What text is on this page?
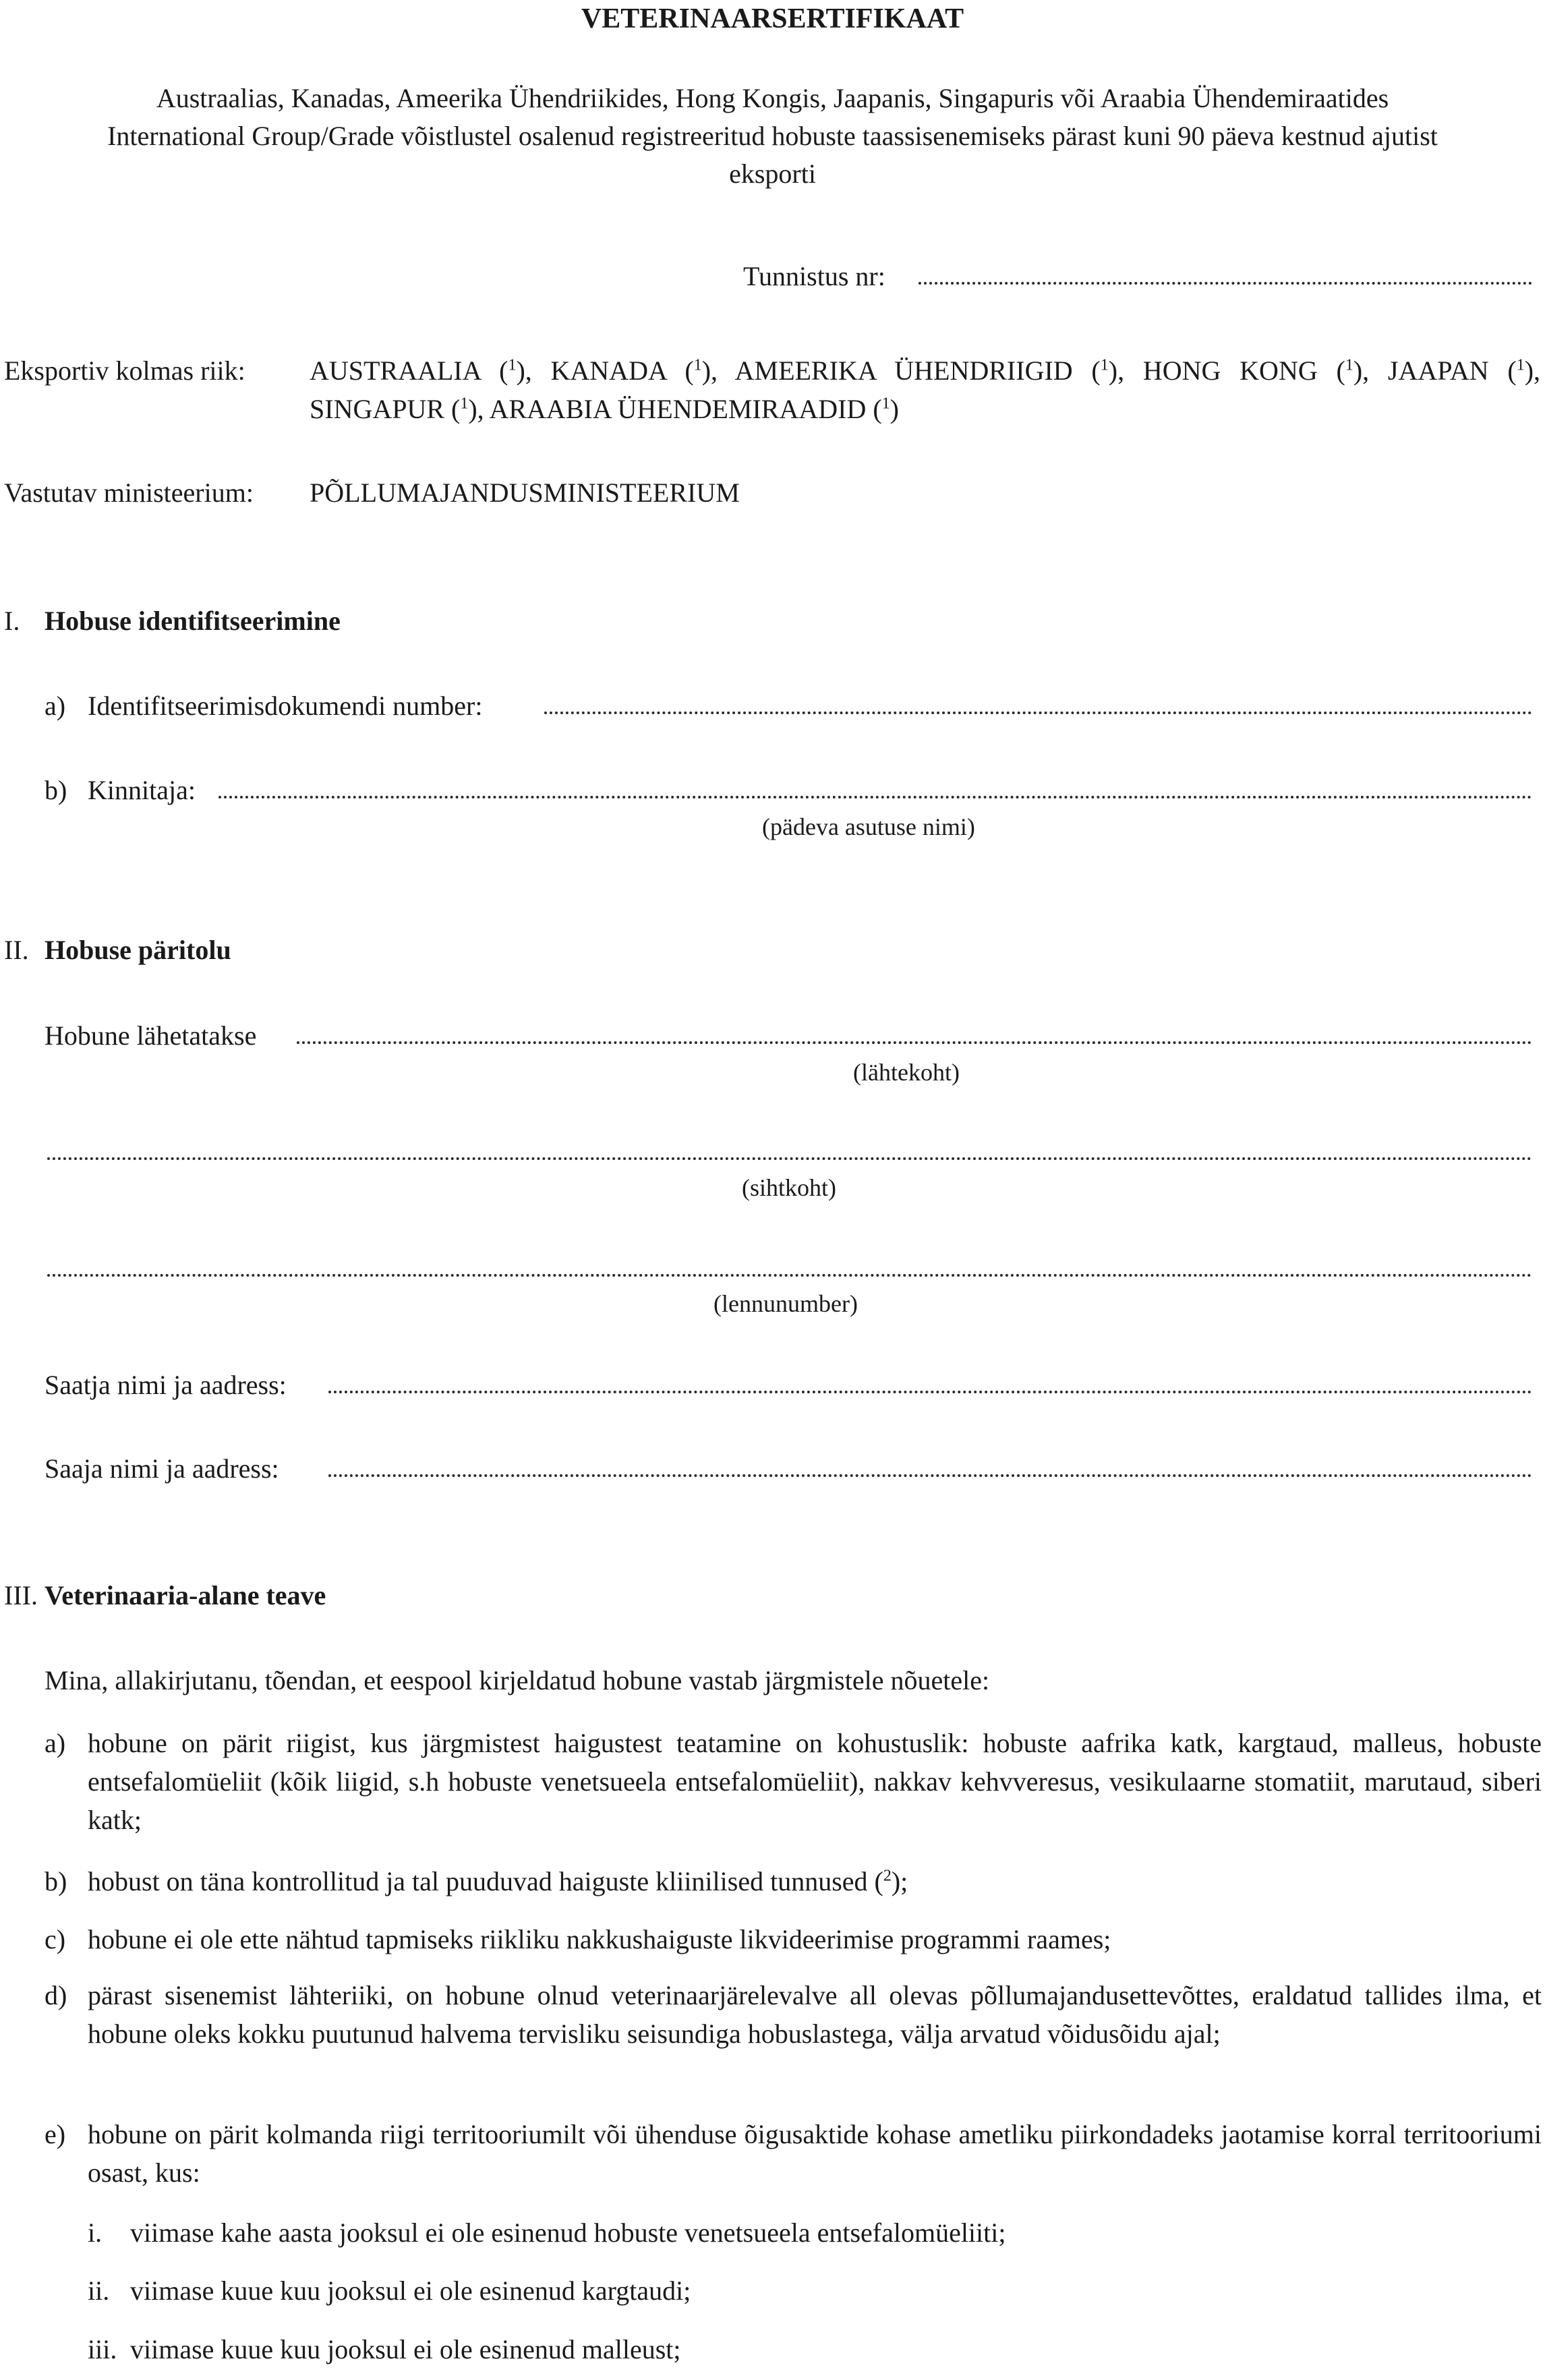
VETERINAARSERTIFIKAAT
Austraalias, Kanadas, Ameerika Ühendriikides, Hong Kongis, Jaapanis, Singapuris või Araabia Ühendemiraatides
International Group/Grade võistlustel osalenud registreeritud hobuste taassisenemiseks pärast kuni 90 päeva kestnud ajutist
eksporti
Tunnistus nr:
Eksportiv kolmas riik: AUSTRAALIA ($^1$), KANADA ($^1$), AMEERIKA ÜHENDRIIGID ($^1$), HONG KONG ($^1$), JAAPAN ($^1$),
SINGAPUR ($^1$), ARAABIA ÜHENDEMIRAADID ($^1$)
Vastutav ministeerium: PÕLLUMAJANDUSMINISTEERIUM
I. Hobuse identifitseerimine
a) Identifitseerimisdokumendi number:
b) Kinnitaja:
(pädeva asutuse nimi)
II. Hobuse päritolu
Hobune lähetatakse
(lähtekoht)
(sihtkoht)
(lennunumber)
Saatja nimi ja aadress:
Saaja nimi ja aadress:
III. Veterinaaria-alane teave
Mina, allakirjutanu, tõendan, et eespool kirjeldatud hobune vastab järgmistele nõuetele:
a) hobune on pärit riigist, kus järgmistest haigustest teatamine on kohustuslik: hobuste aafrika katk, kargtaud, malleus, hobuste entsefalomüeliit (kõik liigid, s.h hobuste venetsueela entsefalomüeliit), nakkav kehvveresus, vesikulaarne stomatiit, marutaud, siberi katk;
b) hobust on täna kontrollitud ja tal puuduvad haiguste kliinilised tunnused ($^2$);
c) hobune ei ole ette nähtud tapmiseks riikliku nakkushaiguste likvideerimise programmi raames;
d) pärast sisenemist lähteriiki, on hobune olnud veterinaarjärelevalve all olevas põllumajandusettevõttes, eraldatud tallides ilma, et hobune oleks kokku puutunud halvema tervisliku seisundiga hobuslastega, välja arvatud võidusõidu ajal;
e) hobune on pärit kolmanda riigi territooriumilt või ühenduse õigusaktide kohase ametliku piirkondadeks jaotamise korral territooriumi osast, kus:
i. viimase kahe aasta jooksul ei ole esinenud hobuste venetsueela entsefalomüeliiti;
ii. viimase kuue kuu jooksul ei ole esinenud kargtaudi;
iii. viimase kuue kuu jooksul ei ole esinenud malleust;
